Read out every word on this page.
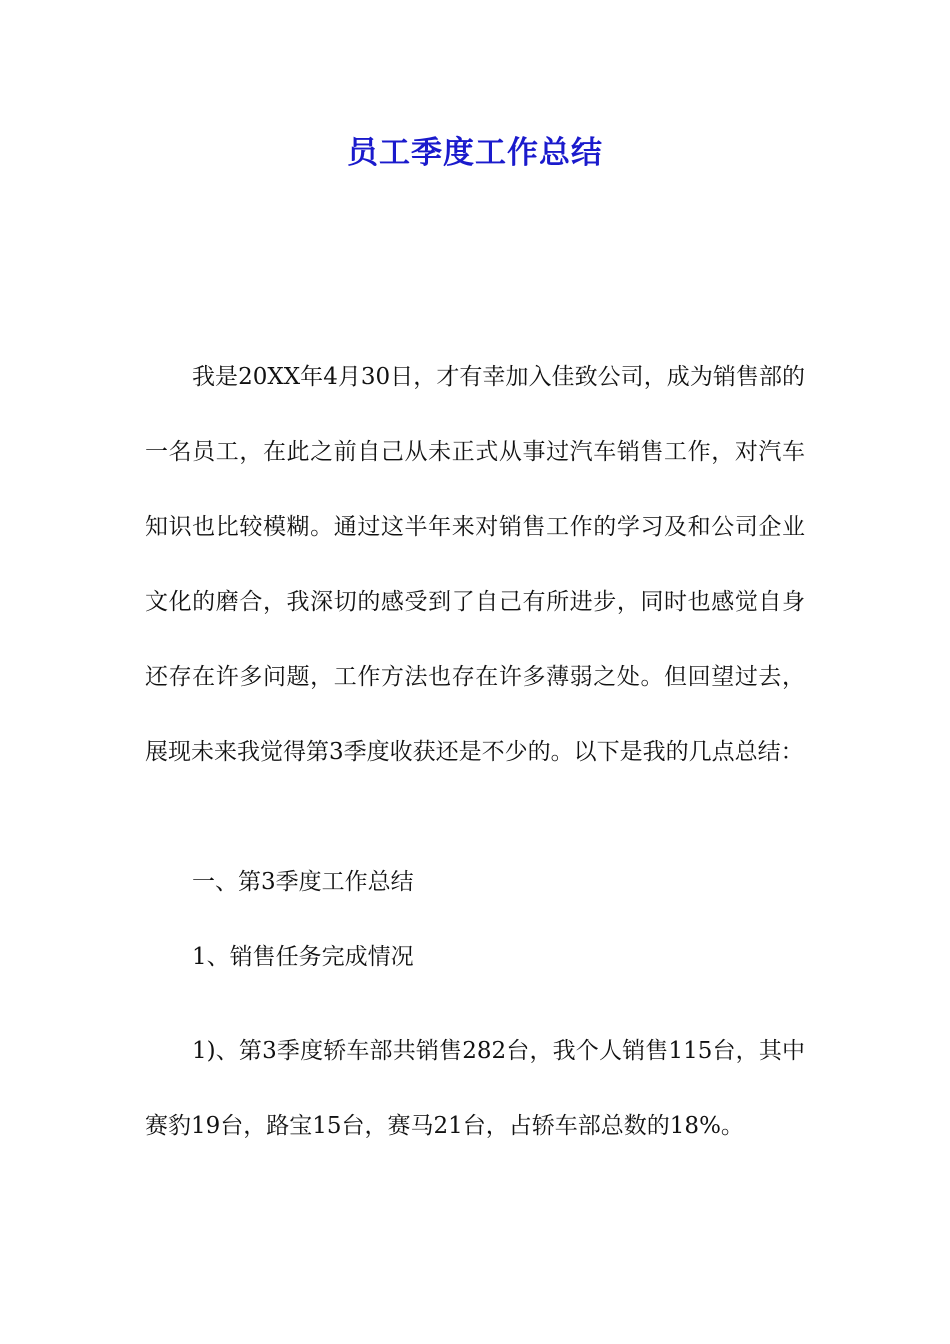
员工季度工作总结
我是20XX年4月30日，才有幸加入佳致公司，成为销售部的一名员工，在此之前自己从未正式从事过汽车销售工作，对汽车知识也比较模糊。通过这半年来对销售工作的学习及和公司企业文化的磨合，我深切的感受到了自己有所进步，同时也感觉自身还存在许多问题，工作方法也存在许多薄弱之处。但回望过去，展现未来我觉得第3季度收获还是不少的。以下是我的几点总结：
一、第3季度工作总结
1、销售任务完成情况
1)、第3季度轿车部共销售282台，我个人销售115台，其中赛豹19台，路宝15台，赛马21台，占轿车部总数的18%。
